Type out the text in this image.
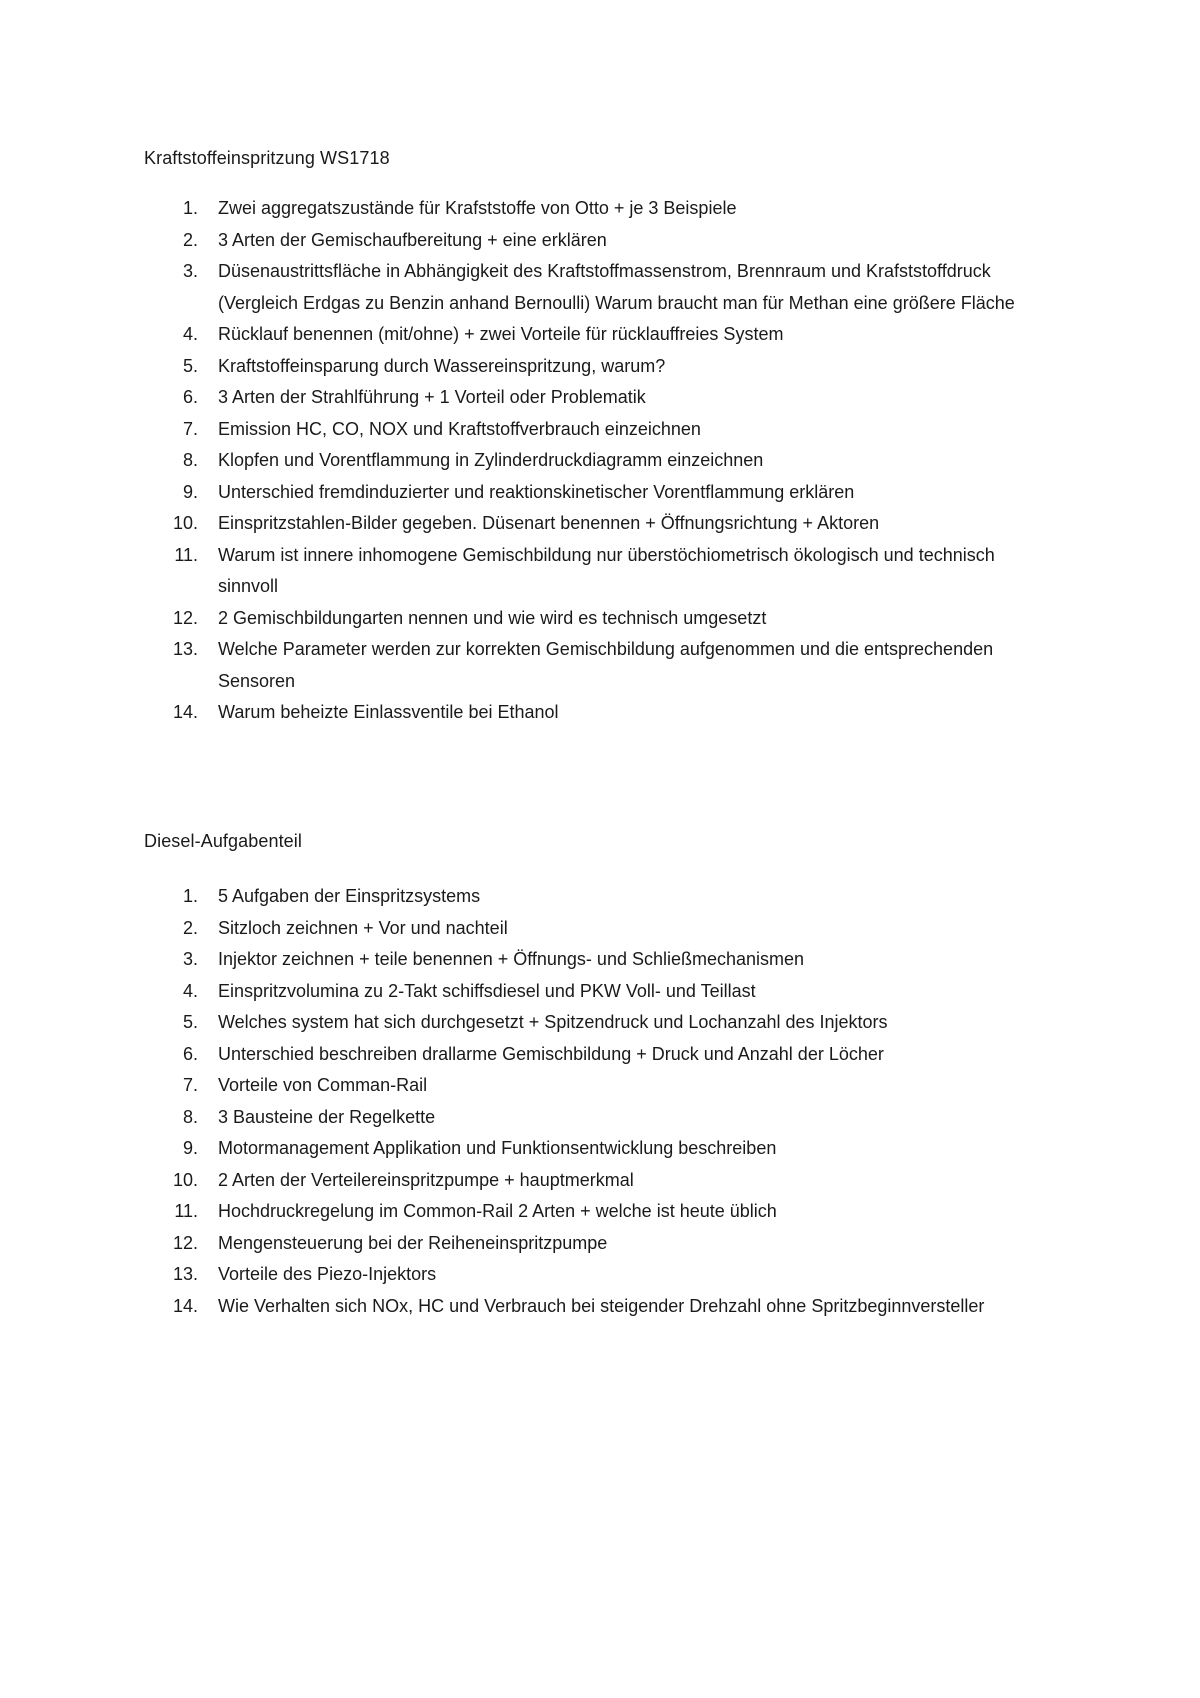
Kraftstoffeinspritzung WS1718
1. Zwei aggregatszustände für Krafststoffe von Otto + je 3 Beispiele
2. 3 Arten der Gemischaufbereitung + eine erklären
3. Düsenaustrittsfläche in Abhängigkeit des Kraftstoffmassenstrom, Brennraum und Krafststoffdruck (Vergleich Erdgas zu Benzin anhand Bernoulli) Warum braucht man für Methan eine größere Fläche
4. Rücklauf benennen (mit/ohne) + zwei Vorteile für rücklauffreies System
5. Kraftstoffeinsparung durch Wassereinspritzung, warum?
6. 3 Arten der Strahlführung + 1 Vorteil oder Problematik
7. Emission HC, CO, NOX und Kraftstoffverbrauch einzeichnen
8. Klopfen und Vorentflammung in Zylinderdruckdiagramm einzeichnen
9. Unterschied fremdinduzierter und reaktionskinetischer Vorentflammung erklären
10. Einspritzstahlen-Bilder gegeben. Düsenart benennen + Öffnungsrichtung + Aktoren
11. Warum ist innere inhomogene Gemischbildung nur überstöchiometrisch ökologisch und technisch sinnvoll
12. 2 Gemischbildungarten nennen und wie wird es technisch umgesetzt
13. Welche Parameter werden zur korrekten Gemischbildung aufgenommen und die entsprechenden Sensoren
14. Warum beheizte Einlassventile bei Ethanol
Diesel-Aufgabenteil
1. 5 Aufgaben der Einspritzsystems
2. Sitzloch zeichnen + Vor und nachteil
3. Injektor zeichnen + teile benennen + Öffnungs- und Schließmechanismen
4. Einspritzvolumina zu 2-Takt schiffsdiesel und PKW Voll- und Teillast
5. Welches system hat sich durchgesetzt + Spitzendruck und Lochanzahl des Injektors
6. Unterschied beschreiben drallarme Gemischbildung + Druck und Anzahl der Löcher
7. Vorteile von Comman-Rail
8. 3 Bausteine der Regelkette
9. Motormanagement Applikation und Funktionsentwicklung beschreiben
10. 2 Arten der Verteilereinspritzpumpe + hauptmerkmal
11. Hochdruckregelung im Common-Rail 2 Arten + welche ist heute üblich
12. Mengensteuerung bei der Reiheneinspritzpumpe
13. Vorteile des Piezo-Injektors
14. Wie Verhalten sich NOx, HC und Verbrauch bei steigender Drehzahl ohne Spritzbeginnversteller
